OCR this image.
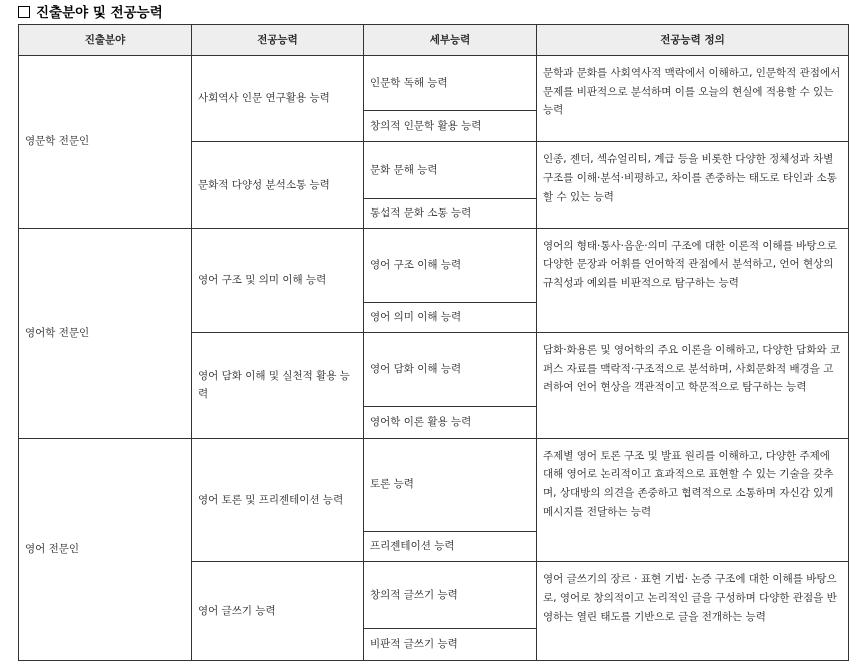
진출분야 및 전공능력
진출분야	전공능력	세부능력	전공능력 정의
영문학 전문인	사회역사 인문 연구활용 능력	인문학 독해 능력	문학과 문화를 사회역사적 맥락에서 이해하고, 인문학적 관점에서 문제를 비판적으로 분석하며 이를 오늘의 현실에 적용할 수 있는 능력
		창의적 인문학 활용 능력	
	문화적 다양성 분석소통 능력	문화 문해 능력	인종, 젠더, 섹슈얼리티, 계급 등을 비롯한 다양한 정체성과 차별 구조를 이해·분석·비평하고, 차이를 존중하는 태도로 타인과 소통할 수 있는 능력
		통섭적 문화 소통 능력	
영어학 전문인	영어 구조 및 의미 이해 능력	영어 구조 이해 능력	영어의 형태·통사·음운·의미 구조에 대한 이론적 이해를 바탕으로 다양한 문장과 어휘를 언어학적 관점에서 분석하고, 언어 현상의 규칙성과 예외를 비판적으로 탐구하는 능력
		영어 의미 이해 능력	
	영어 담화 이해 및 실천적 활용 능력	영어 담화 이해 능력	담화·화용론 및 영어학의 주요 이론을 이해하고, 다양한 담화와 코퍼스 자료를 맥락적·구조적으로 분석하며, 사회문화적 배경을 고려하여 언어 현상을 객관적이고 학문적으로 탐구하는 능력
		영어학 이론 활용 능력	
영어 전문인	영어 토론 및 프리젠테이션 능력	토론 능력	주제별 영어 토론 구조 및 발표 원리를 이해하고, 다양한 주제에 대해 영어로 논리적이고 효과적으로 표현할 수 있는 기술을 갖추며, 상대방의 의견을 존중하고 협력적으로 소통하며 자신감 있게 메시지를 전달하는 능력
		프리젠테이션 능력	
	영어 글쓰기 능력	창의적 글쓰기 능력	영어 글쓰기의 장르 · 표현 기법· 논증 구조에 대한 이해를 바탕으로, 영어로 창의적이고 논리적인 글을 구성하며 다양한 관점을 반영하는 열린 태도를 기반으로 글을 전개하는 능력
		비판적 글쓰기 능력	
